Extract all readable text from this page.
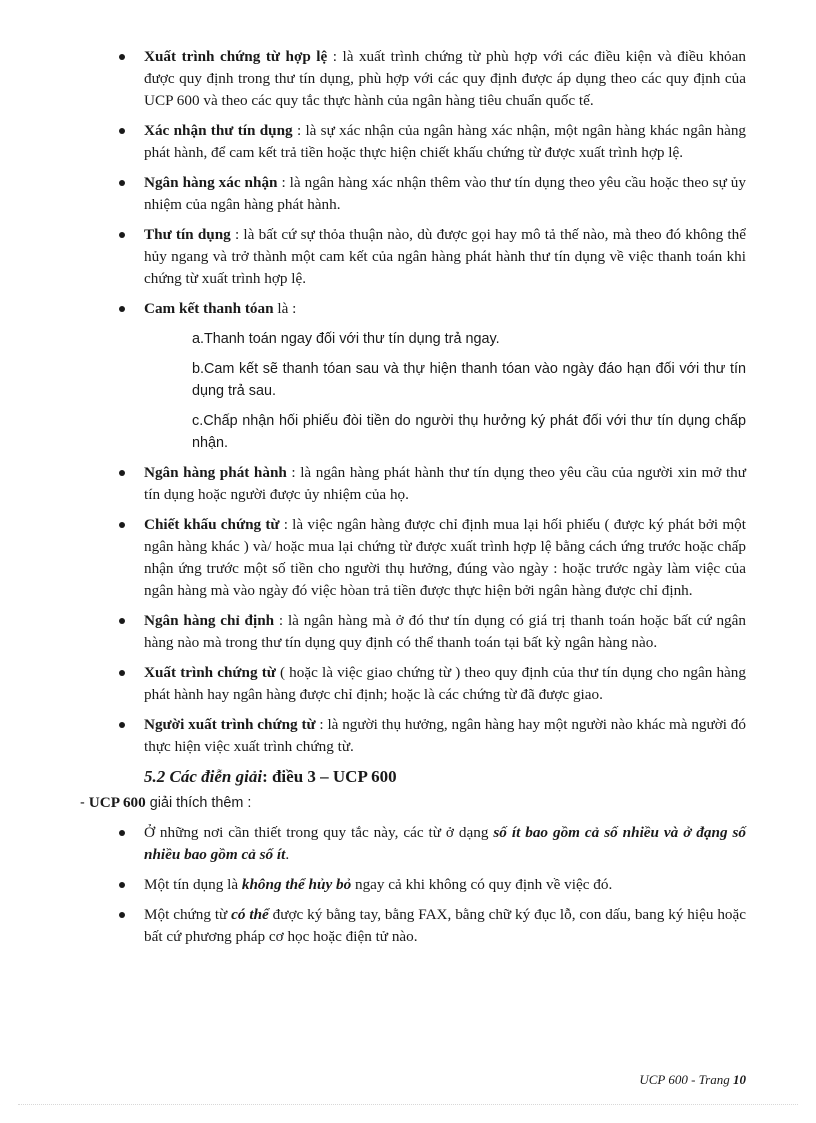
Xuất trình chứng từ hợp lệ : là xuất trình chứng từ phù hợp với các điều kiện và điều khỏan được quy định trong thư tín dụng, phù hợp với các quy định được áp dụng theo các quy định của UCP 600 và theo các quy tắc thực hành của ngân hàng tiêu chuẩn quốc tế.
Xác nhận thư tín dụng : là sự xác nhận của ngân hàng xác nhận, một ngân hàng khác ngân hàng phát hành, để cam kết trả tiền hoặc thực hiện chiết khấu chứng từ được xuất trình hợp lệ.
Ngân hàng xác nhận : là ngân hàng xác nhận thêm vào thư tín dụng theo yêu cầu hoặc theo sự ủy nhiệm của ngân hàng phát hành.
Thư tín dụng : là bất cứ sự thỏa thuận nào, dù được gọi hay mô tả thế nào, mà theo đó không thể hủy ngang và trở thành một cam kết của ngân hàng phát hành thư tín dụng về việc thanh toán khi chứng từ xuất trình hợp lệ.
Cam kết thanh tóan là :

a.Thanh toán ngay đối với thư tín dụng trả ngay.

b.Cam kết sẽ thanh tóan sau và thự hiện thanh tóan vào ngày đáo hạn đối với thư tín dụng trả sau.

c.Chấp nhận hối phiếu đòi tiền do người thụ hưởng ký phát đối với thư tín dụng chấp nhận.

Ngân hàng phát hành : là ngân hàng phát hành thư tín dụng theo yêu cầu của người xin mở thư tín dụng hoặc người được ủy nhiệm của họ.
Chiết khấu chứng từ : là việc ngân hàng được chỉ định mua lại hối phiếu ( được ký phát bởi một ngân hàng khác ) và/ hoặc mua lại chứng từ được xuất trình hợp lệ bằng cách ứng trước hoặc chấp nhận ứng trước một số tiền cho người thụ hưởng, đúng vào ngày : hoặc trước ngày làm việc của ngân hàng mà vào ngày đó việc hòan trả tiền được thực hiện bởi ngân hàng được chỉ định.
Ngân hàng chỉ định : là ngân hàng mà ở đó thư tín dụng có giá trị thanh toán hoặc bất cứ ngân hàng nào mà trong thư tín dụng quy định có thể thanh toán tại bất kỳ ngân hàng nào.
Xuất trình chứng từ ( hoặc là việc giao chứng từ ) theo quy định của thư tín dụng cho ngân hàng phát hành hay ngân hàng được chỉ định; hoặc là các chứng từ đã được giao.
Người xuất trình chứng từ : là người thụ hưởng, ngân hàng hay một người nào khác mà người đó thực hiện việc xuất trình chứng từ.
5.2 Các điễn giải: điều 3 – UCP 600

- UCP 600 giải thích thêm :

Ở những nơi cần thiết trong quy tắc này, các từ ở dạng số ít bao gồm cả số nhiều và ở đạng số nhiều bao gồm cả số ít.
Một tín dụng là không thể hủy bỏ ngay cả khi không có quy định về việc đó.
Một chứng từ có thể được ký bằng tay, bằng FAX, bằng chữ ký đục lỗ, con dấu, bang ký hiệu hoặc bất cứ phương pháp cơ học hoặc điện tử nào.
UCP 600 - Trang 10
